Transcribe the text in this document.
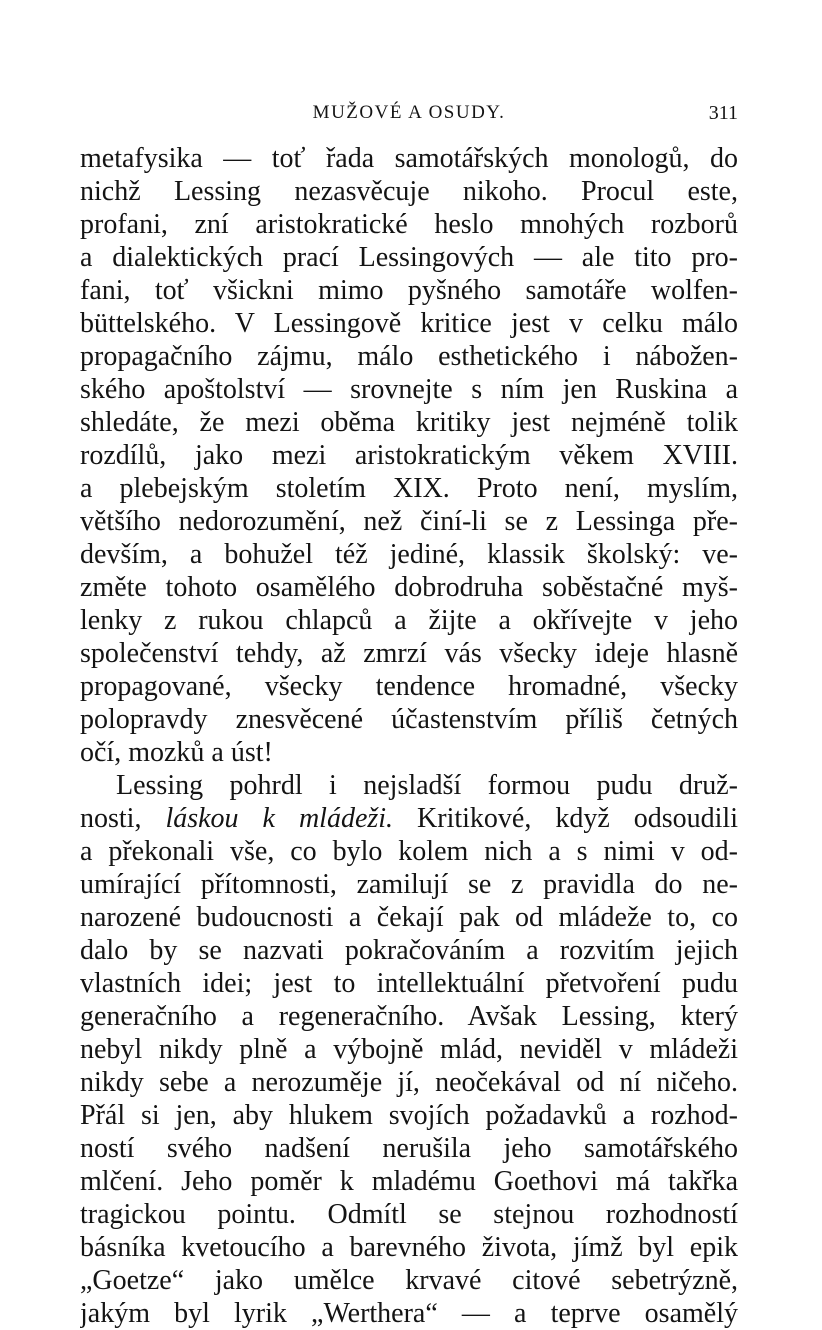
MUŽOVÉ A OSUDY.	311
metafysika — toť řada samotářských monologů, do
nichž Lessing nezasvěcuje nikoho. Procul este,
profani, zní aristokratické heslo mnohých rozborů
a dialektických prací Lessingových — ale tito pro-
fani, toť všickni mimo pyšného samotáře wolfen-
büttelského. V Lessingově kritice jest v celku málo
propagačního zájmu, málo esthetického i nábožen-
ského apoštolství — srovnejte s ním jen Ruskina a
shledáte, že mezi oběma kritiky jest nejméně tolik
rozdílů, jako mezi aristokratickým věkem XVIII.
a plebejským stoletím XIX. Proto není, myslím,
většího nedorozumění, než činí-li se z Lessinga pře-
devším, a bohužel též jediné, klassik školský: ve-
změte tohoto osamělého dobrodruha soběstačné myš-
lenky z rukou chlapců a žijte a okřívejte v jeho
společenství tehdy, až zmrzí vás všecky ideje hlasně
propagované, všecky tendence hromadné, všecky
polopravdy znesvěcené účastenstvím příliš četných
očí, mozků a úst!
Lessing pohrdl i nejsladší formou pudu druž-
nosti, láskou k mládeži. Kritikové, když odsoudili
a překonali vše, co bylo kolem nich a s nimi v od-
umírající přítomnosti, zamilují se z pravidla do ne-
narozené budoucnosti a čekají pak od mládeže to, co
dalo by se nazvati pokračováním a rozvitím jejich
vlastních idei; jest to intellektuální přetvoření pudu
generačního a regeneračního. Avšak Lessing, který
nebyl nikdy plně a výbojně mlád, neviděl v mládeži
nikdy sebe a nerozuměje jí, neočekával od ní ničeho.
Přál si jen, aby hlukem svojích požadavků a rozhod-
ností svého nadšení nerušila jeho samotářského
mlčení. Jeho poměr k mladému Goethovi má takřka
tragickou pointu. Odmítl se stejnou rozhodností
básníka kvetoucího a barevného života, jímž byl epik
„Goetze“ jako umělce krvavé citové sebetrýzně,
jakým byl lyrik „Werthera“ — a teprve osamělý
